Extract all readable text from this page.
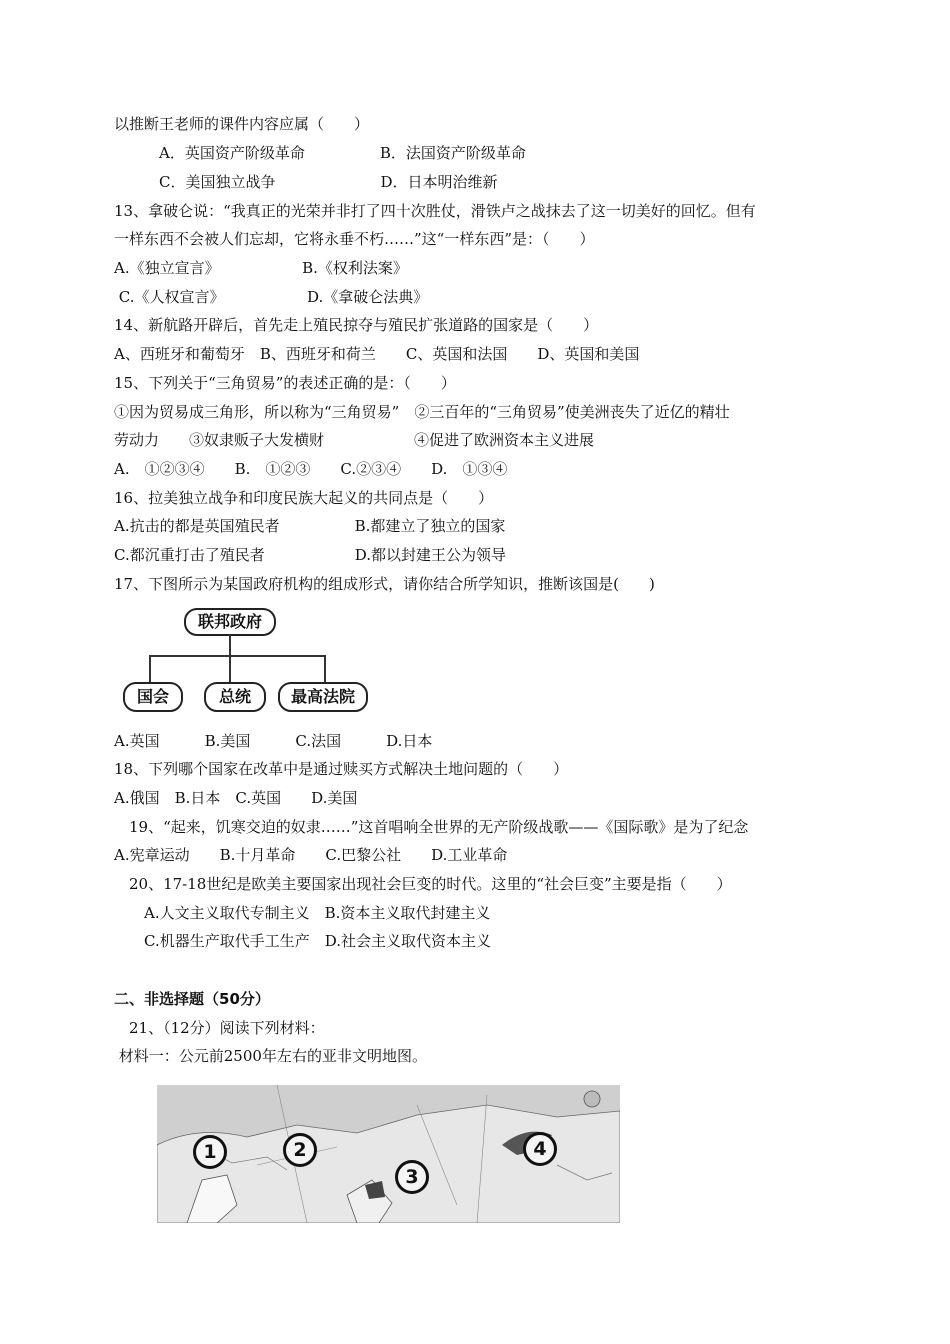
以推断王老师的课件内容应属（　　）
　　　A．英国资产阶级革命　　　　　B．法国资产阶级革命
　　　C．美国独立战争　　　　　　　D．日本明治维新
13、拿破仑说：“我真正的光荣并非打了四十次胜仗，滑铁卢之战抹去了这一切美好的回忆。但有
一样东西不会被人们忘却，它将永垂不朽……”这“一样东西”是：（　　）
A.《独立宣言》　　　　　　B.《权利法案》
C.《人权宣言》　　　　　　D.《拿破仑法典》
14、新航路开辟后，首先走上殖民掠夺与殖民扩张道路的国家是（　　）
A、西班牙和葡萄牙　B、西班牙和荷兰　　C、英国和法国　　D、英国和美国
15、下列关于“三角贸易”的表述正确的是：（　　）
①因为贸易成三角形，所以称为“三角贸易”　②三百年的“三角贸易”使美洲丧失了近亿的精壮
劳动力　　③奴隶贩子大发横财　　　　　　④促进了欧洲资本主义进展
A.　①②③④　　B.　①②③　　C.②③④　　D.　①③④
16、拉美独立战争和印度民族大起义的共同点是（　　）
A.抗击的都是英国殖民者　　　　　B.都建立了独立的国家
C.都沉重打击了殖民者　　　　　　D.都以封建王公为领导
17、下图所示为某国政府机构的组成形式，请你结合所学知识，推断该国是(　　)
联邦政府
国会	总统	最高法院
A.英国　　　B.美国　　　C.法国　　　D.日本
18、下列哪个国家在改革中是通过赎买方式解决土地问题的（　　）
A.俄国　B.日本　C.英国　　D.美国
　19、“起来，饥寒交迫的奴隶……”这首唱响全世界的无产阶级战歌——《国际歌》是为了纪念
A.宪章运动　　B.十月革命　　C.巴黎公社　　D.工业革命
　20、17-18世纪是欧美主要国家出现社会巨变的时代。这里的“社会巨变”主要是指（　　）
　　A.人文主义取代专制主义　B.资本主义取代封建主义
　　C.机器生产取代手工生产　D.社会主义取代资本主义
二、非选择题（50分）
　21、（12分）阅读下列材料：
材料一：公元前2500年左右的亚非文明地图。
1	2
3
4
